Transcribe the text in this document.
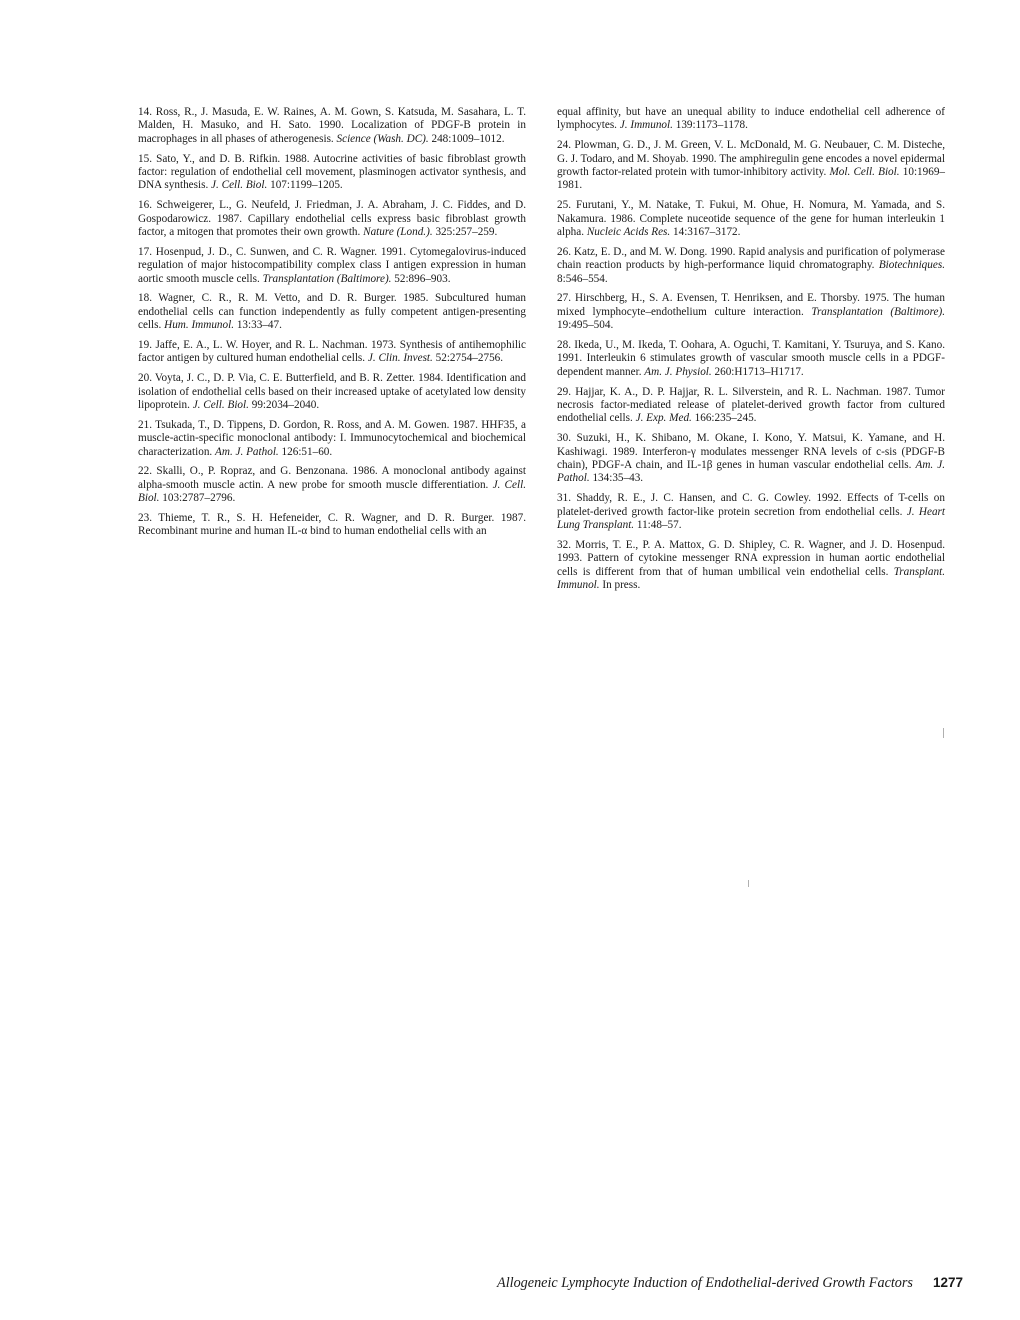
14. Ross, R., J. Masuda, E. W. Raines, A. M. Gown, S. Katsuda, M. Sasahara, L. T. Malden, H. Masuko, and H. Sato. 1990. Localization of PDGF-B protein in macrophages in all phases of atherogenesis. Science (Wash. DC). 248:1009–1012.

15. Sato, Y., and D. B. Rifkin. 1988. Autocrine activities of basic fibroblast growth factor: regulation of endothelial cell movement, plasminogen activator synthesis, and DNA synthesis. J. Cell. Biol. 107:1199–1205.

16. Schweigerer, L., G. Neufeld, J. Friedman, J. A. Abraham, J. C. Fiddes, and D. Gospodarowicz. 1987. Capillary endothelial cells express basic fibroblast growth factor, a mitogen that promotes their own growth. Nature (Lond.). 325:257–259.

17. Hosenpud, J. D., C. Sunwen, and C. R. Wagner. 1991. Cytomegalovirus-induced regulation of major histocompatibility complex class I antigen expression in human aortic smooth muscle cells. Transplantation (Baltimore). 52:896–903.

18. Wagner, C. R., R. M. Vetto, and D. R. Burger. 1985. Subcultured human endothelial cells can function independently as fully competent antigen-presenting cells. Hum. Immunol. 13:33–47.

19. Jaffe, E. A., L. W. Hoyer, and R. L. Nachman. 1973. Synthesis of antihemophilic factor antigen by cultured human endothelial cells. J. Clin. Invest. 52:2754–2756.

20. Voyta, J. C., D. P. Via, C. E. Butterfield, and B. R. Zetter. 1984. Identification and isolation of endothelial cells based on their increased uptake of acetylated low density lipoprotein. J. Cell. Biol. 99:2034–2040.

21. Tsukada, T., D. Tippens, D. Gordon, R. Ross, and A. M. Gowen. 1987. HHF35, a muscle-actin-specific monoclonal antibody: I. Immunocytochemical and biochemical characterization. Am. J. Pathol. 126:51–60.

22. Skalli, O., P. Ropraz, and G. Benzonana. 1986. A monoclonal antibody against alpha-smooth muscle actin. A new probe for smooth muscle differentiation. J. Cell. Biol. 103:2787–2796.

23. Thieme, T. R., S. H. Hefeneider, C. R. Wagner, and D. R. Burger. 1987. Recombinant murine and human IL-α bind to human endothelial cells with an

equal affinity, but have an unequal ability to induce endothelial cell adherence of lymphocytes. J. Immunol. 139:1173–1178.

24. Plowman, G. D., J. M. Green, V. L. McDonald, M. G. Neubauer, C. M. Disteche, G. J. Todaro, and M. Shoyab. 1990. The amphiregulin gene encodes a novel epidermal growth factor-related protein with tumor-inhibitory activity. Mol. Cell. Biol. 10:1969–1981.

25. Furutani, Y., M. Natake, T. Fukui, M. Ohue, H. Nomura, M. Yamada, and S. Nakamura. 1986. Complete nuceotide sequence of the gene for human interleukin 1 alpha. Nucleic Acids Res. 14:3167–3172.

26. Katz, E. D., and M. W. Dong. 1990. Rapid analysis and purification of polymerase chain reaction products by high-performance liquid chromatography. Biotechniques. 8:546–554.

27. Hirschberg, H., S. A. Evensen, T. Henriksen, and E. Thorsby. 1975. The human mixed lymphocyte–endothelium culture interaction. Transplantation (Baltimore). 19:495–504.

28. Ikeda, U., M. Ikeda, T. Oohara, A. Oguchi, T. Kamitani, Y. Tsuruya, and S. Kano. 1991. Interleukin 6 stimulates growth of vascular smooth muscle cells in a PDGF-dependent manner. Am. J. Physiol. 260:H1713–H1717.

29. Hajjar, K. A., D. P. Hajjar, R. L. Silverstein, and R. L. Nachman. 1987. Tumor necrosis factor-mediated release of platelet-derived growth factor from cultured endothelial cells. J. Exp. Med. 166:235–245.

30. Suzuki, H., K. Shibano, M. Okane, I. Kono, Y. Matsui, K. Yamane, and H. Kashiwagi. 1989. Interferon-γ modulates messenger RNA levels of c-sis (PDGF-B chain), PDGF-A chain, and IL-1β genes in human vascular endothelial cells. Am. J. Pathol. 134:35–43.

31. Shaddy, R. E., J. C. Hansen, and C. G. Cowley. 1992. Effects of T-cells on platelet-derived growth factor-like protein secretion from endothelial cells. J. Heart Lung Transplant. 11:48–57.

32. Morris, T. E., P. A. Mattox, G. D. Shipley, C. R. Wagner, and J. D. Hosenpud. 1993. Pattern of cytokine messenger RNA expression in human aortic endothelial cells is different from that of human umbilical vein endothelial cells. Transplant. Immunol. In press.

Allogeneic Lymphocyte Induction of Endothelial-derived Growth Factors 1277
